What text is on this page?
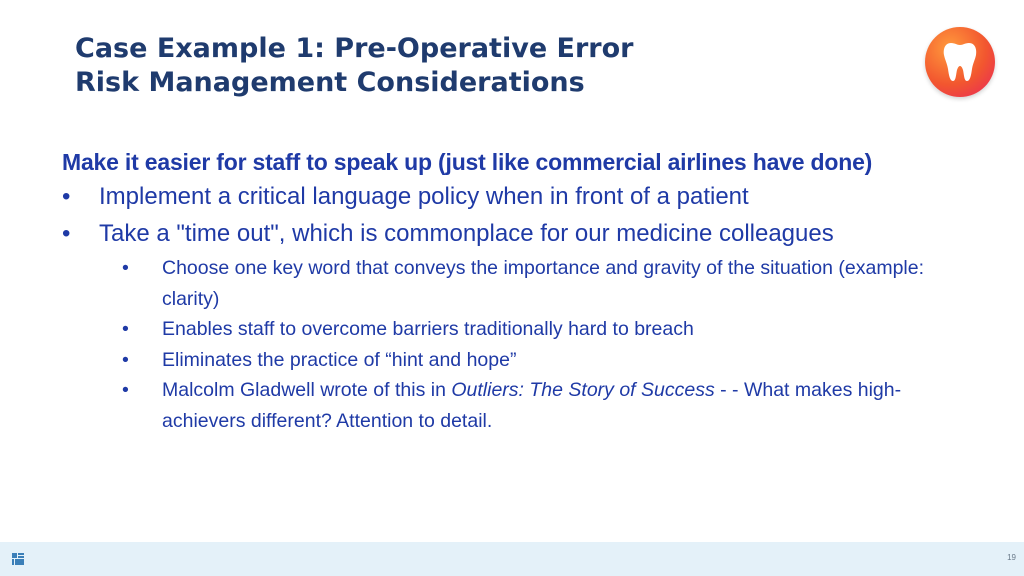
Case Example 1: Pre-Operative Error
Risk Management Considerations

Make it easier for staff to speak up (just like commercial airlines have done)

• Implement a critical language policy when in front of a patient
• Take a "time out", which is commonplace for our medicine colleagues
• Choose one key word that conveys the importance and gravity of the situation (example: clarity)
• Enables staff to overcome barriers traditionally hard to breach
• Eliminates the practice of “hint and hope”
• Malcolm Gladwell wrote of this in Outliers: The Story of Success - - What makes high-achievers different? Attention to detail.
19
